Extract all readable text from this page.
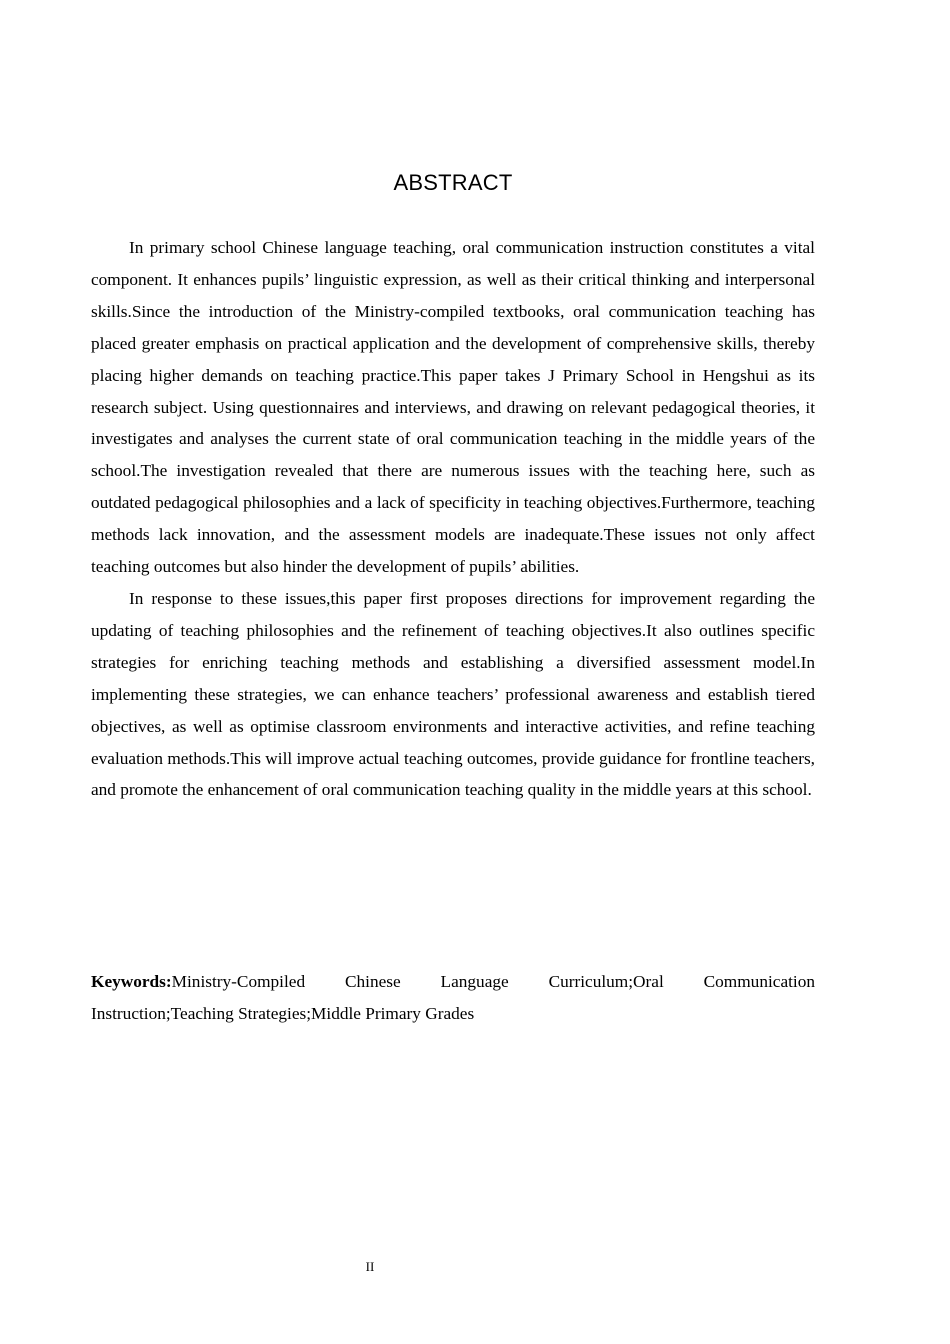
ABSTRACT

In primary school Chinese language teaching, oral communication instruction constitutes a vital component. It enhances pupils’ linguistic expression, as well as their critical thinking and interpersonal skills.Since the introduction of the Ministry-compiled textbooks, oral communication teaching has placed greater emphasis on practical application and the development of comprehensive skills, thereby placing higher demands on teaching practice.This paper takes J Primary School in Hengshui as its research subject. Using questionnaires and interviews, and drawing on relevant pedagogical theories, it investigates and analyses the current state of oral communication teaching in the middle years of the school.The investigation revealed that there are numerous issues with the teaching here, such as outdated pedagogical philosophies and a lack of specificity in teaching objectives.Furthermore, teaching methods lack innovation, and the assessment models are inadequate.These issues not only affect teaching outcomes but also hinder the development of pupils’ abilities.

In response to these issues,this paper first proposes directions for improvement regarding the updating of teaching philosophies and the refinement of teaching objectives.It also outlines specific strategies for enriching teaching methods and establishing a diversified assessment model.In implementing these strategies, we can enhance teachers’ professional awareness and establish tiered objectives, as well as optimise classroom environments and interactive activities, and refine teaching evaluation methods.This will improve actual teaching outcomes, provide guidance for frontline teachers, and promote the enhancement of oral communication teaching quality in the middle years at this school.

Keywords:Ministry-Compiled Chinese Language Curriculum;Oral Communication Instruction;Teaching Strategies;Middle Primary Grades

II
